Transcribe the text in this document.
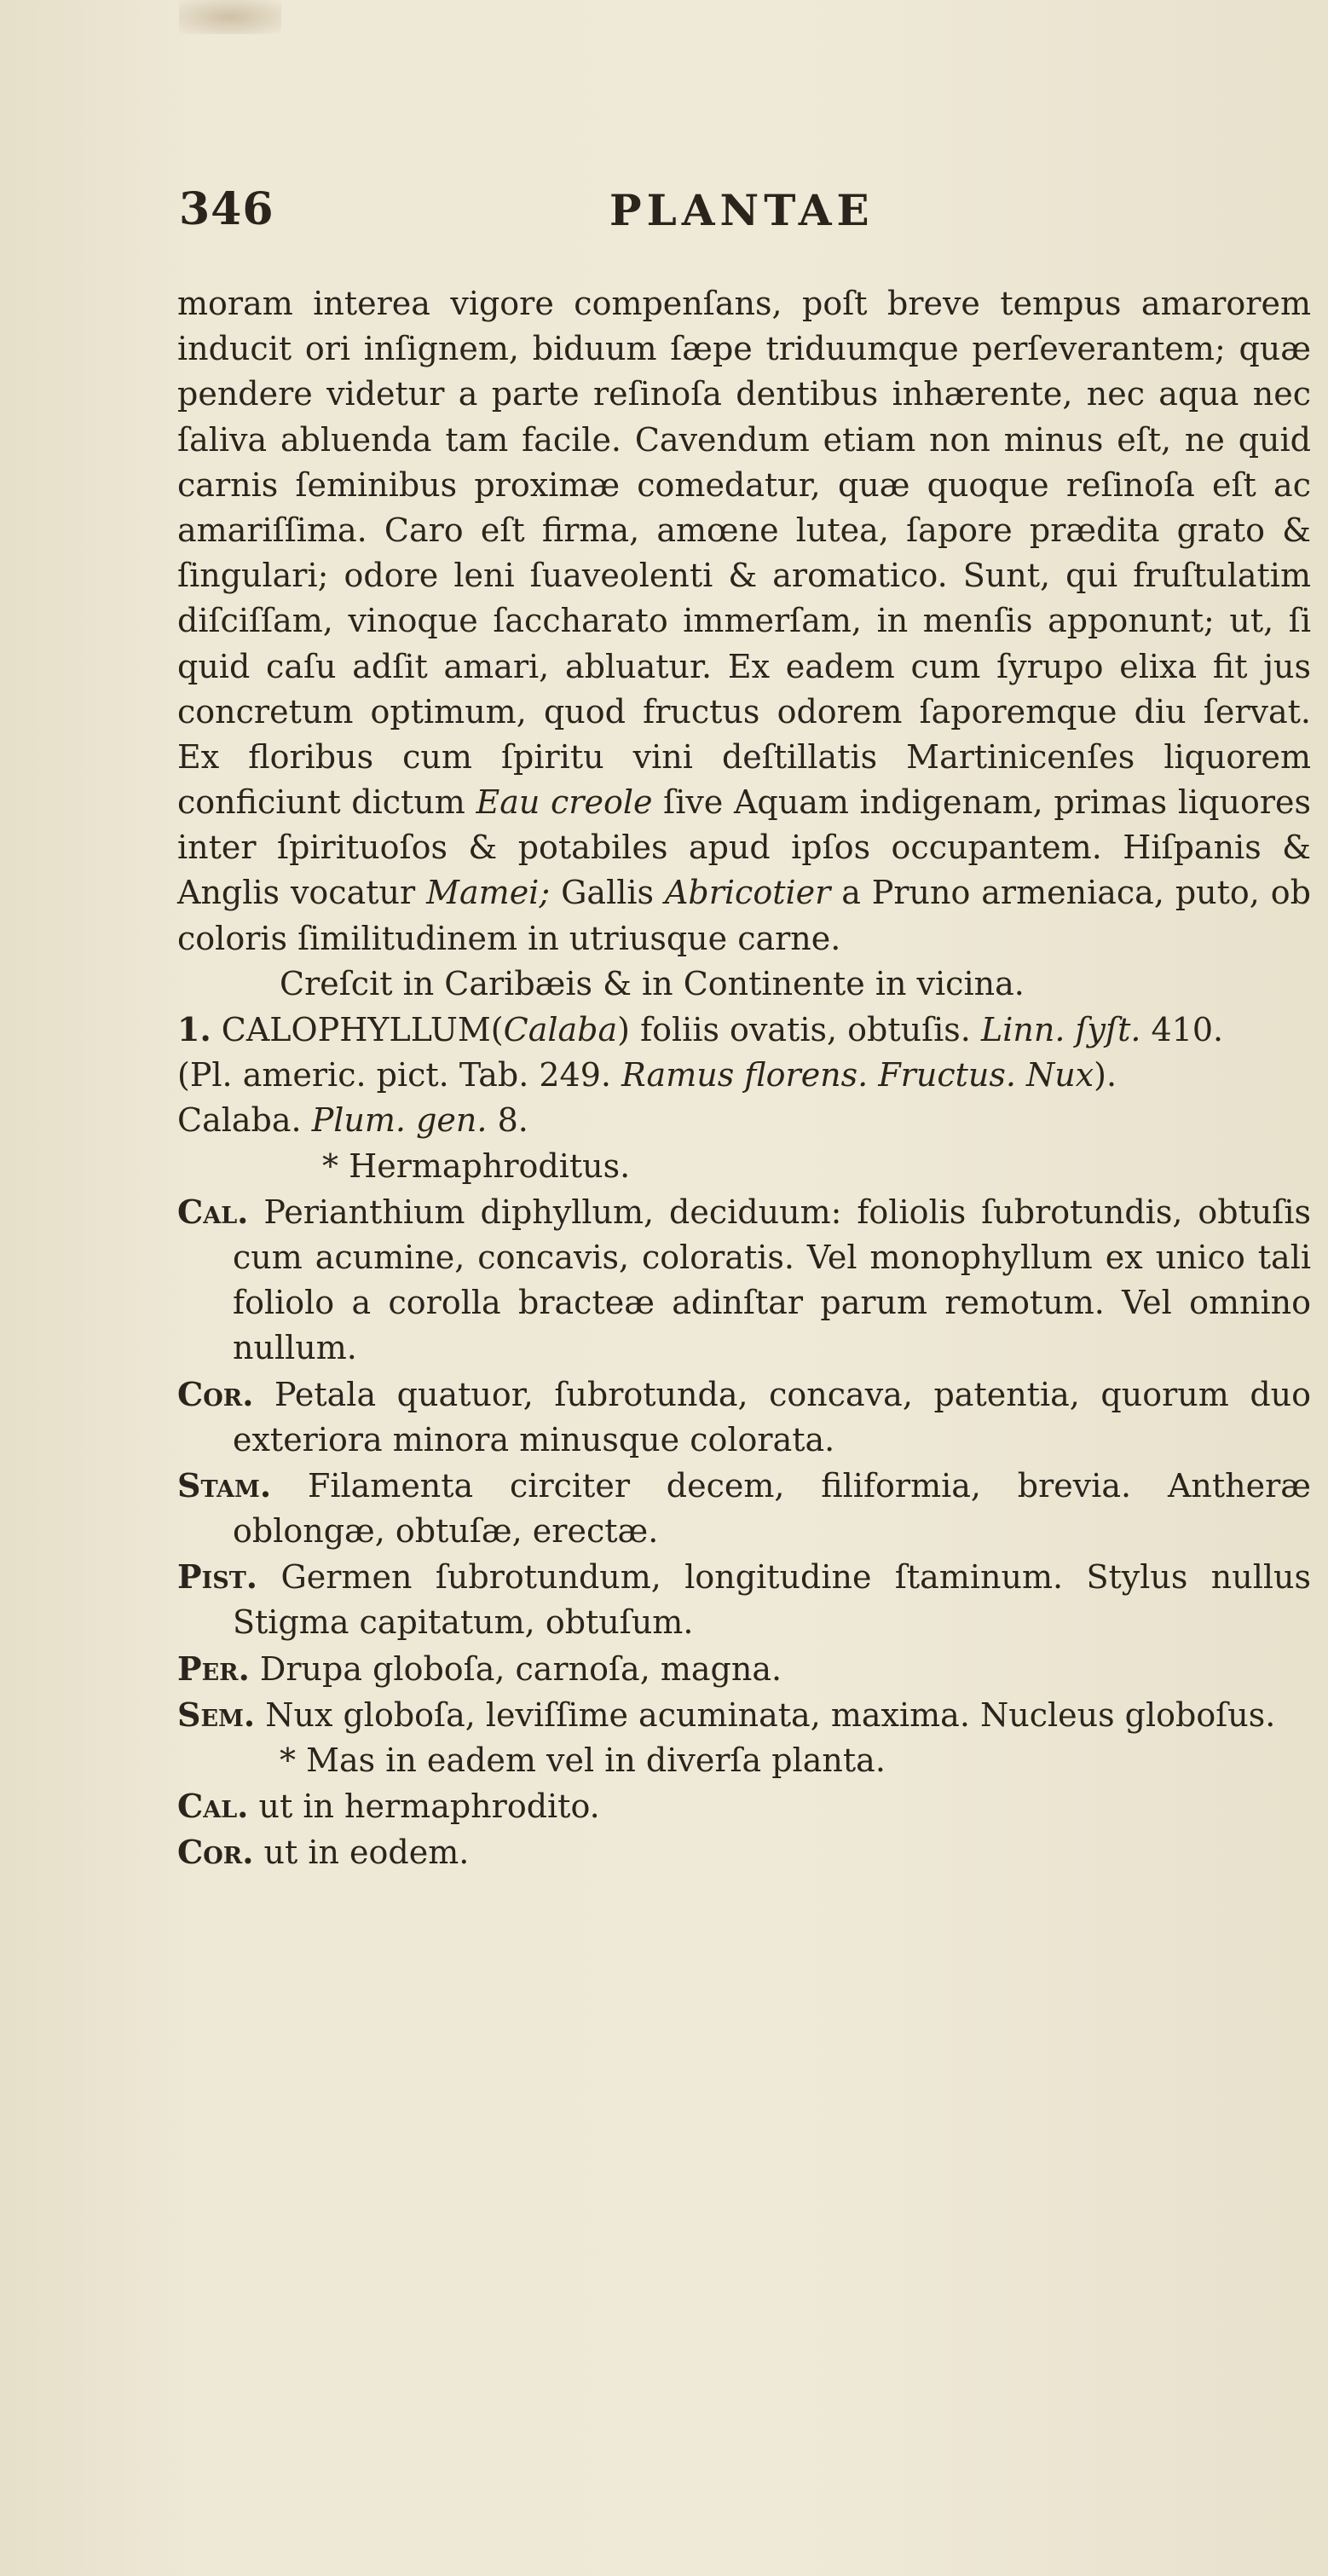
346	PLANTAE

moram interea vigore compenſans, poſt breve tempus amarorem inducit ori inſignem, biduum ſæpe triduumque perſeverantem; quæ pendere videtur a parte reſinoſa dentibus inhærente, nec aqua nec ſaliva abluenda tam facile. Cavendum etiam non minus eſt, ne quid carnis ſeminibus proximæ comedatur, quæ quoque reſinoſa eſt ac amariſſima. Caro eſt firma, amœne lutea, ſapore prædita grato & ſingulari; odore leni ſuaveolenti & aromatico. Sunt, qui fruſtulatim diſciſſam, vinoque ſaccharato immerſam, in menſis apponunt; ut, ſi quid caſu adſit amari, abluatur. Ex eadem cum ſyrupo elixa fit jus concretum optimum, quod fructus odorem ſaporemque diu ſervat. Ex floribus cum ſpiritu vini deſtillatis Martinicenſes liquorem conficiunt dictum Eau creole ſive Aquam indigenam, primas liquores inter ſpirituoſos & potabiles apud ipſos occupantem. Hiſpanis & Anglis vocatur Mamei; Gallis Abricotier a Pruno armeniaca, puto, ob coloris ſimilitudinem in utriusque carne.

Creſcit in Caribæis & in Continente in vicina.

1. CALOPHYLLUM(Calaba) foliis ovatis, obtuſis. Linn. ſyſt. 410.

(Pl. americ. pict. Tab. 249. Ramus florens. Fructus. Nux).

Calaba. Plum. gen. 8.

* Hermaphroditus.

Cal. Perianthium diphyllum, deciduum: foliolis ſubrotundis, obtuſis cum acumine, concavis, coloratis. Vel monophyllum ex unico tali foliolo a corolla bracteæ adinſtar parum remotum. Vel omnino nullum.

Cor. Petala quatuor, ſubrotunda, concava, patentia, quorum duo exteriora minora minusque colorata.

Stam. Filamenta circiter decem, filiformia, brevia. Antheræ oblongæ, obtuſæ, erectæ.

Pist. Germen ſubrotundum, longitudine ſtaminum. Stylus nullus Stigma capitatum, obtuſum.

Per. Drupa globoſa, carnoſa, magna.

Sem. Nux globoſa, leviſſime acuminata, maxima. Nucleus globoſus.

* Mas in eadem vel in diverſa planta.

Cal. ut in hermaphrodito.

Cor. ut in eodem.
